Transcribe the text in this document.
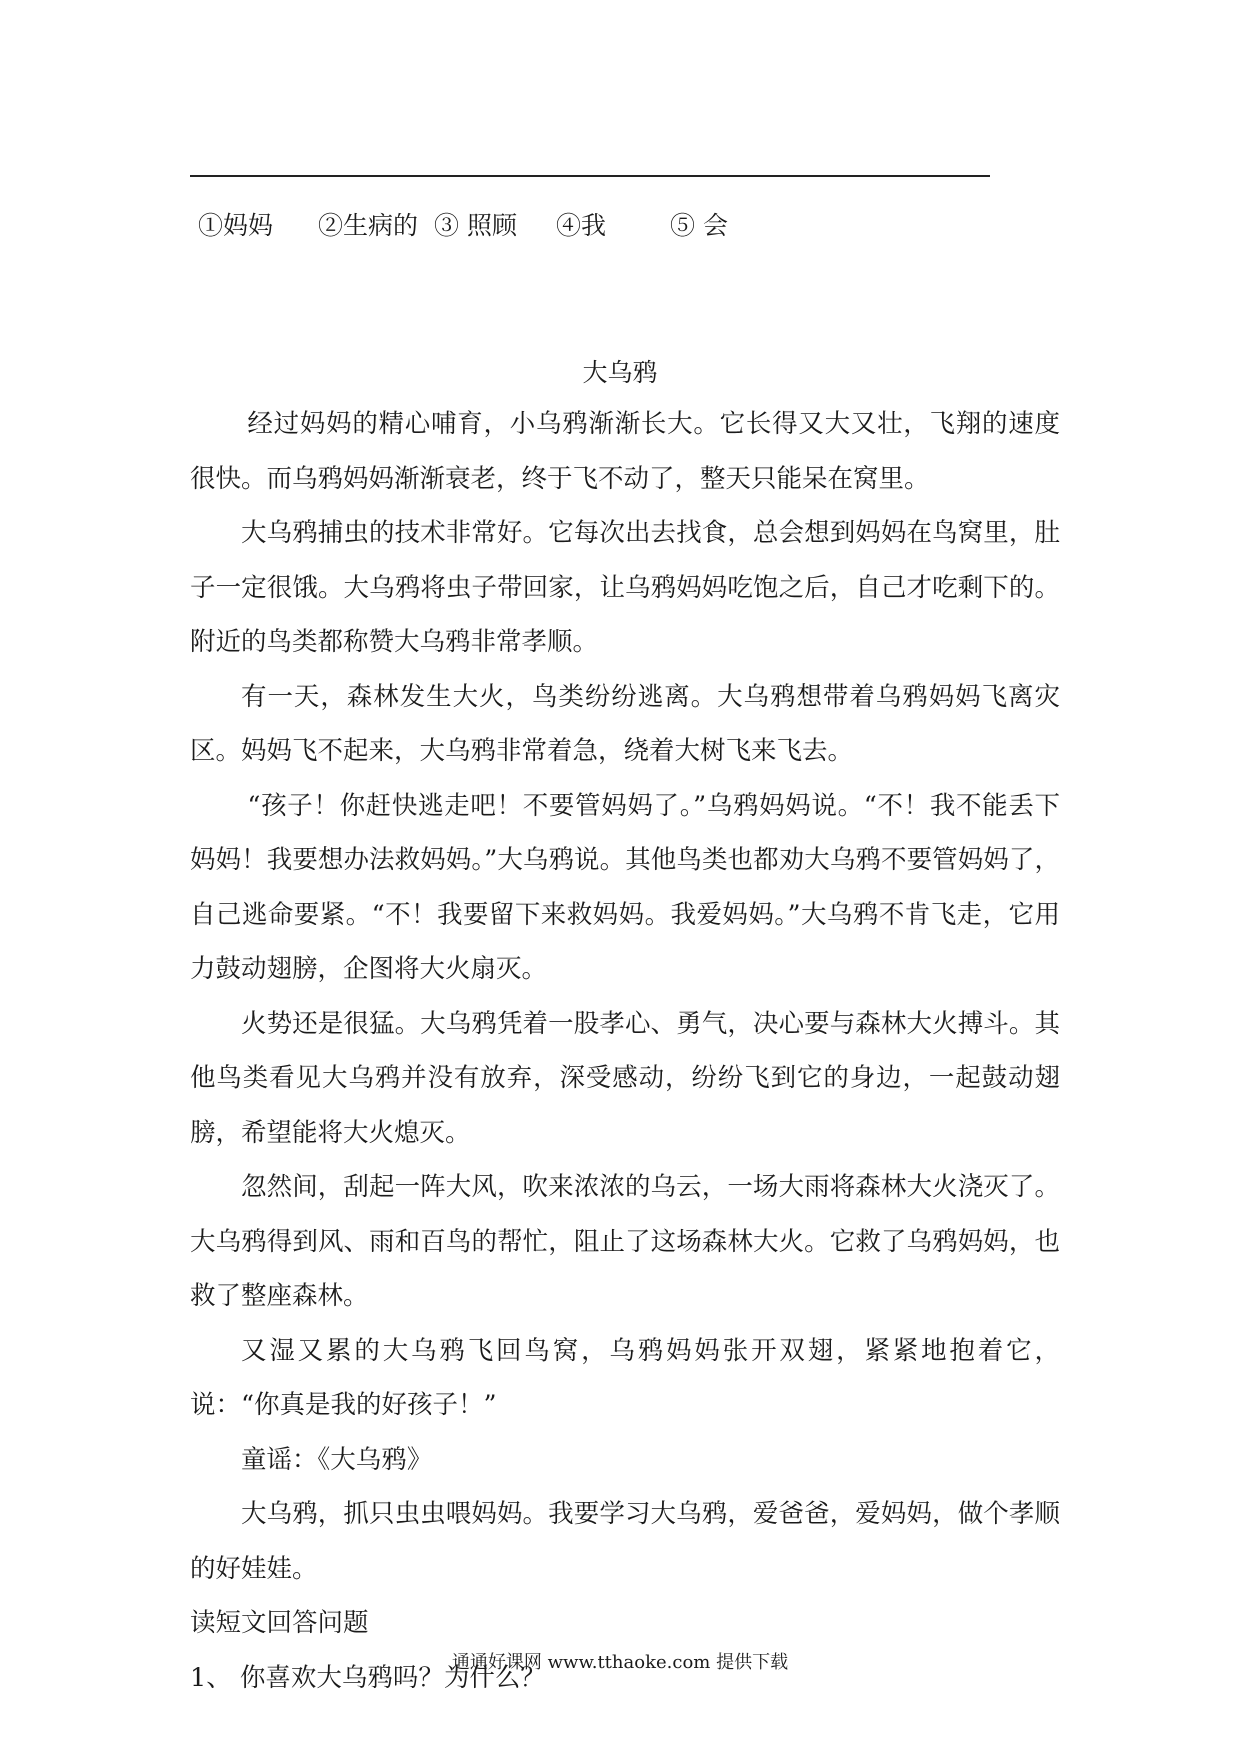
①妈妈 ②生病的 ③ 照顾 ④我	⑤ 会
大乌鸦

经过妈妈的精心哺育，小乌鸦渐渐长大。它长得又大又壮，飞翔的速度很快。而乌鸦妈妈渐渐衰老，终于飞不动了，整天只能呆在窝里。

大乌鸦捕虫的技术非常好。它每次出去找食，总会想到妈妈在鸟窝里，肚子一定很饿。大乌鸦将虫子带回家，让乌鸦妈妈吃饱之后，自己才吃剩下的。附近的鸟类都称赞大乌鸦非常孝顺。

有一天，森林发生大火，鸟类纷纷逃离。大乌鸦想带着乌鸦妈妈飞离灾区。妈妈飞不起来，大乌鸦非常着急，绕着大树飞来飞去。

“孩子！你赶快逃走吧！不要管妈妈了。”乌鸦妈妈说。“不！我不能丢下妈妈！我要想办法救妈妈。”大乌鸦说。其他鸟类也都劝大乌鸦不要管妈妈了，自己逃命要紧。“不！我要留下来救妈妈。我爱妈妈。”大乌鸦不肯飞走，它用力鼓动翅膀，企图将大火扇灭。

火势还是很猛。大乌鸦凭着一股孝心、勇气，决心要与森林大火搏斗。其他鸟类看见大乌鸦并没有放弃，深受感动，纷纷飞到它的身边，一起鼓动翅膀，希望能将大火熄灭。

忽然间，刮起一阵大风，吹来浓浓的乌云，一场大雨将森林大火浇灭了。大乌鸦得到风、雨和百鸟的帮忙，阻止了这场森林大火。它救了乌鸦妈妈，也救了整座森林。

又湿又累的大乌鸦飞回鸟窝，乌鸦妈妈张开双翅，紧紧地抱着它，说：“你真是我的好孩子！”

童谣：《大乌鸦》

大乌鸦，抓只虫虫喂妈妈。我要学习大乌鸦，爱爸爸，爱妈妈，做个孝顺的好娃娃。

读短文回答问题

1、 你喜欢大乌鸦吗？为什么？

通通好课网 www.tthaoke.com 提供下载
